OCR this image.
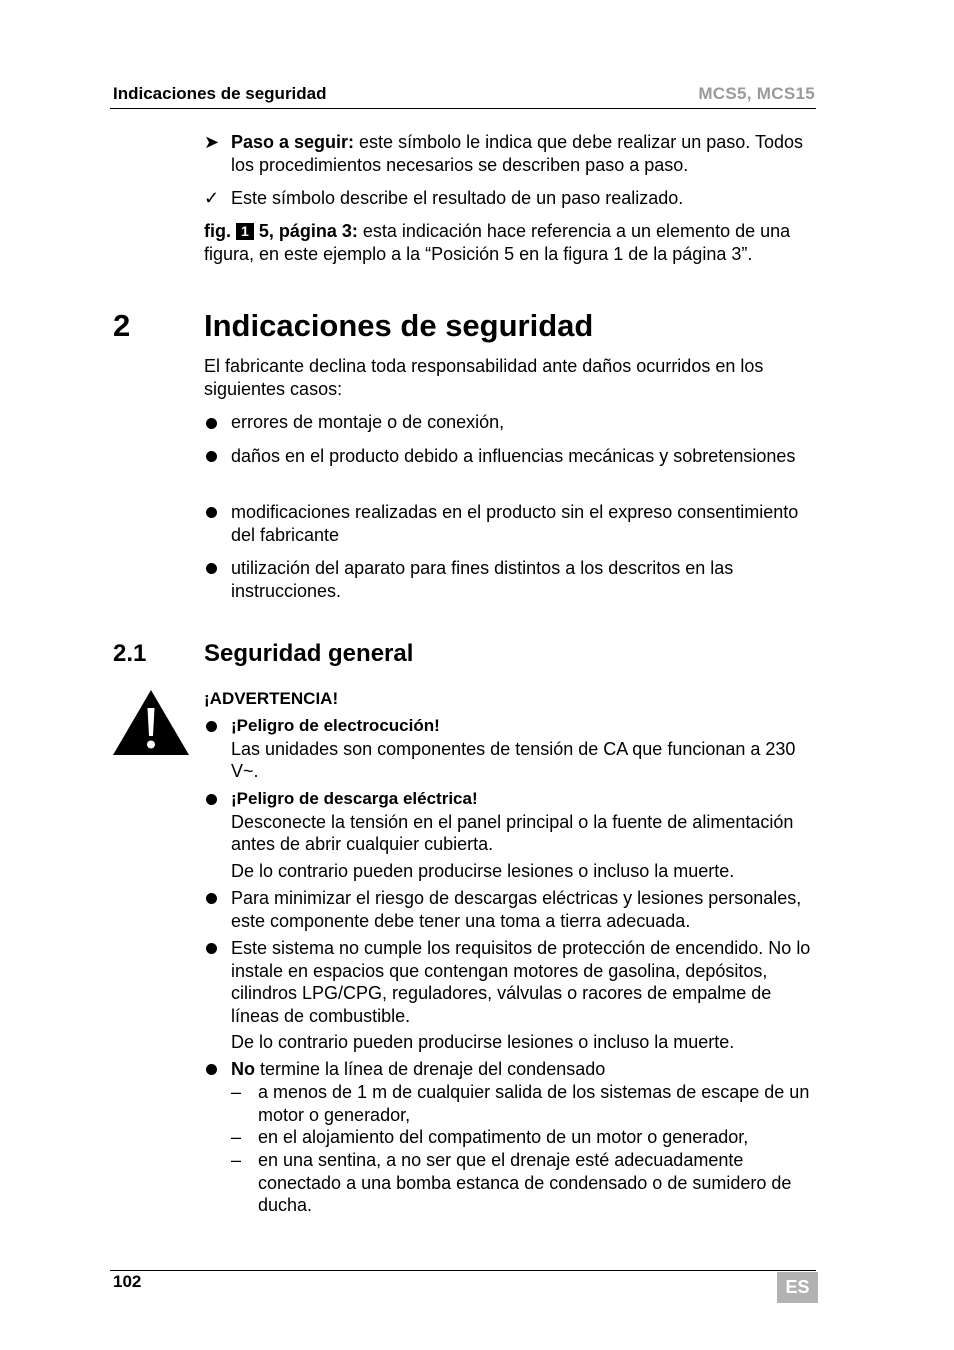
Indicaciones de seguridad	MCS5, MCS15
➤ Paso a seguir: este símbolo le indica que debe realizar un paso. Todos los procedimientos necesarios se describen paso a paso.
✓ Este símbolo describe el resultado de un paso realizado.
fig. 1 5, página 3: esta indicación hace referencia a un elemento de una figura, en este ejemplo a la “Posición 5 en la figura 1 de la página 3”.
2 Indicaciones de seguridad
El fabricante declina toda responsabilidad ante daños ocurridos en los siguientes casos:
errores de montaje o de conexión,
daños en el producto debido a influencias mecánicas y sobretensiones
modificaciones realizadas en el producto sin el expreso consentimiento del fabricante
utilización del aparato para fines distintos a los descritos en las instrucciones.
2.1 Seguridad general
¡ADVERTENCIA!
¡Peligro de electrocución!
Las unidades son componentes de tensión de CA que funcionan a 230 V~.
¡Peligro de descarga eléctrica!
Desconecte la tensión en el panel principal o la fuente de alimentación antes de abrir cualquier cubierta.
De lo contrario pueden producirse lesiones o incluso la muerte.
Para minimizar el riesgo de descargas eléctricas y lesiones personales, este componente debe tener una toma a tierra adecuada.
Este sistema no cumple los requisitos de protección de encendido. No lo instale en espacios que contengan motores de gasolina, depósitos, cilindros LPG/CPG, reguladores, válvulas o racores de empalme de líneas de combustible.
De lo contrario pueden producirse lesiones o incluso la muerte.
No termine la línea de drenaje del condensado
– a menos de 1 m de cualquier salida de los sistemas de escape de un motor o generador,
– en el alojamiento del compatimento de un motor o generador,
– en una sentina, a no ser que el drenaje esté adecuadamente conectado a una bomba estanca de condensado o de sumidero de ducha.
102	ES
